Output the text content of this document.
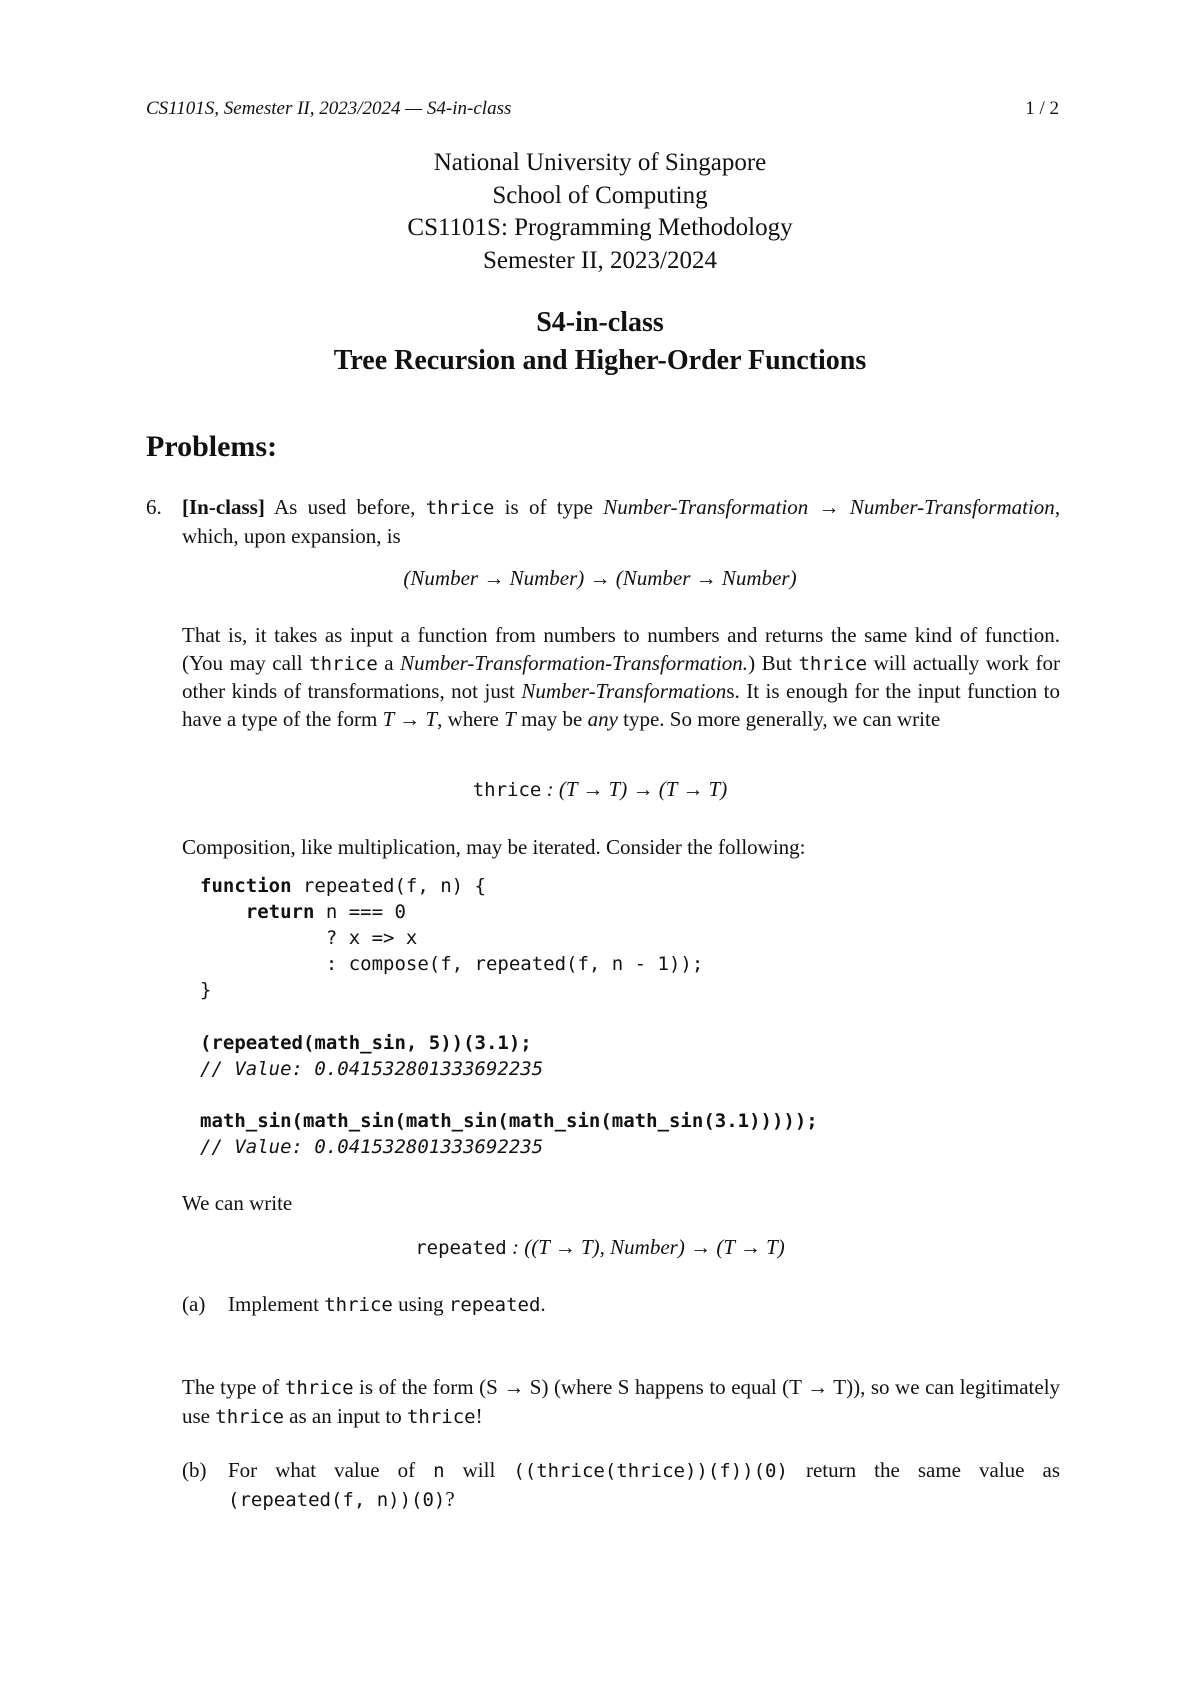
CS1101S, Semester II, 2023/2024 — S4-in-class	1 / 2
National University of Singapore
School of Computing
CS1101S: Programming Methodology
Semester II, 2023/2024
S4-in-class
Tree Recursion and Higher-Order Functions
Problems:
6. [In-class] As used before, thrice is of type Number-Transformation → Number-Transformation, which, upon expansion, is
(Number → Number) → (Number → Number)
That is, it takes as input a function from numbers to numbers and returns the same kind of function. (You may call thrice a Number-Transformation-Transformation.) But thrice will actually work for other kinds of transformations, not just Number-Transformations. It is enough for the input function to have a type of the form T → T, where T may be any type. So more generally, we can write
thrice : (T → T) → (T → T)
Composition, like multiplication, may be iterated. Consider the following:
function repeated(f, n) {
return n === 0
? x => x
: compose(f, repeated(f, n - 1));
}
(repeated(math_sin, 5))(3.1);
// Value: 0.041532801333692235
math_sin(math_sin(math_sin(math_sin(math_sin(3.1)))));
// Value: 0.041532801333692235
We can write
repeated : ((T → T), Number) → (T → T)
(a) Implement thrice using repeated.
The type of thrice is of the form (S → S) (where S happens to equal (T → T)), so we can legitimately use thrice as an input to thrice!
(b) For what value of n will ((thrice(thrice))(f))(0) return the same value as (repeated(f, n))(0)?
